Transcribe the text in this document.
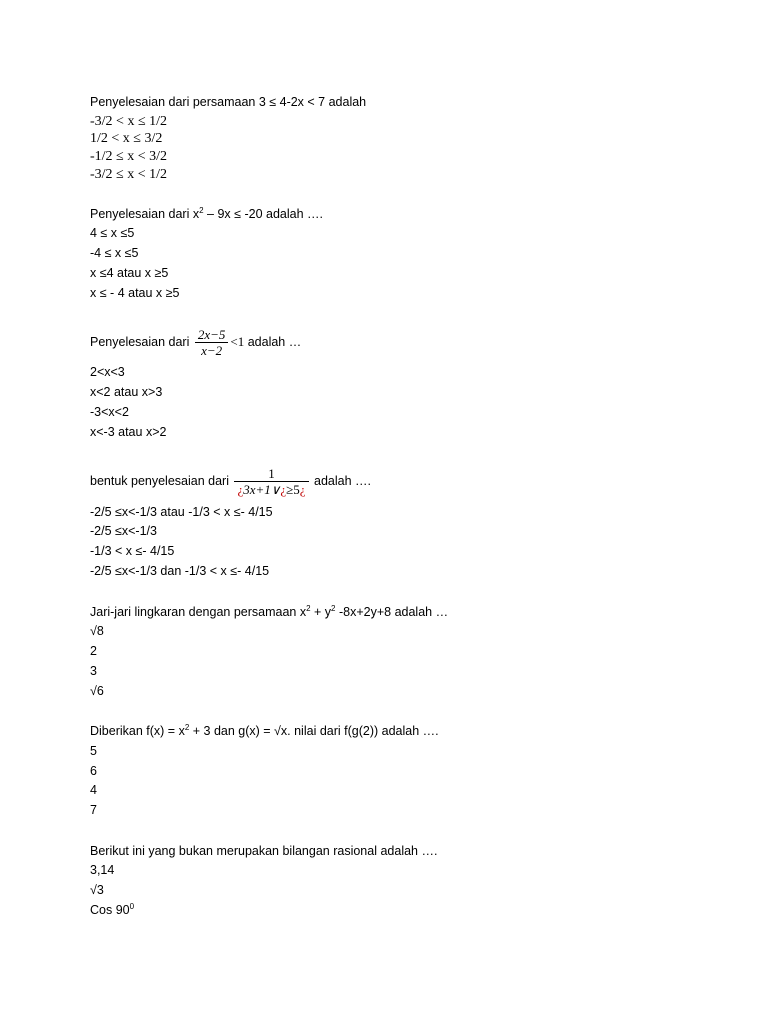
Penyelesaian dari persamaan 3 ≤ 4-2x < 7 adalah
-3/2 < x ≤ 1/2
1/2 < x ≤ 3/2
-1/2 ≤ x < 3/2
-3/2 ≤ x < 1/2
Penyelesaian dari $x^2 - 9x \le -20$ adalah ….
4 ≤ x ≤5
-4 ≤ x ≤5
x ≤4 atau x ≥5
x ≤ - 4 atau x ≥5
Penyelesaian dari $\frac{2x-5}{x-2} <1$ adalah …
2<x<3
x<2 atau x>3
-3<x<2
x<-3 atau x>2
bentuk penyelesaian dari $\frac{1}{¿3x+1\vee¿\ge 5¿}$ adalah ….
-2/5 ≤x<-1/3 atau -1/3 < x ≤- 4/15
-2/5 ≤x<-1/3
-1/3 < x ≤- 4/15
-2/5 ≤x<-1/3 dan -1/3 < x ≤- 4/15
Jari-jari lingkaran dengan persamaan $x^2 + y^2$ -8x+2y+8 adalah …
√8
2
3
√6
Diberikan $f(x) = x^2 + 3$ dan g(x) = √x. nilai dari f(g(2)) adalah ….
5
6
4
7
Berikut ini yang bukan merupakan bilangan rasional adalah ….
3,14
√3
Cos $90^0$
